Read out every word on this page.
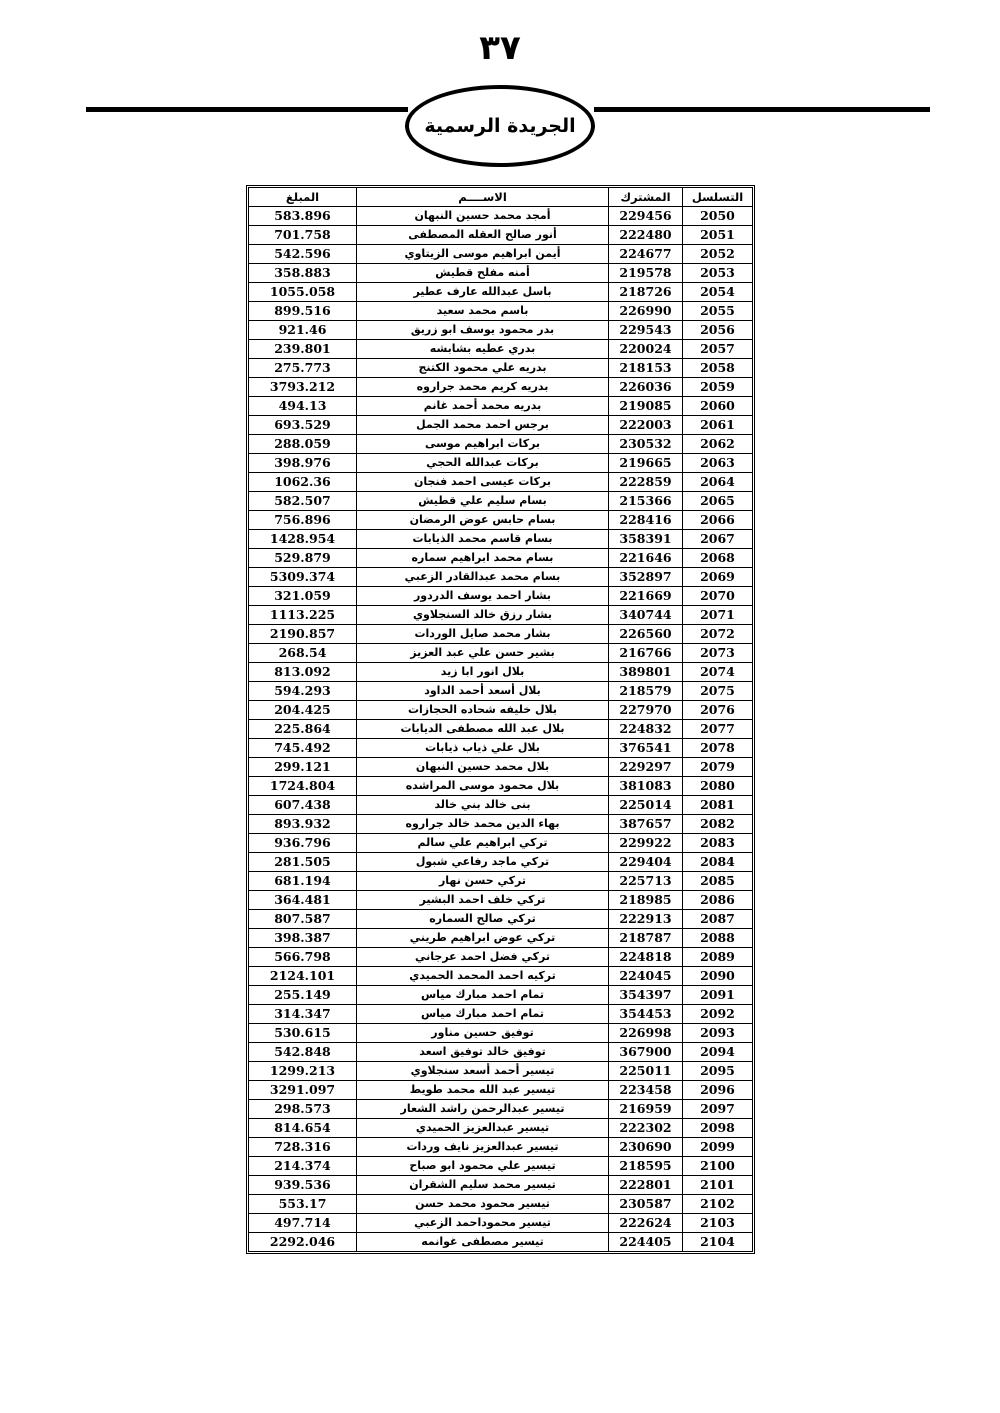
٣٧
الجريدة الرسمية
التسلسل	المشترك	الاســــم	المبلغ
2050	229456	أمجد محمد حسين النبهان	583.896
2051	222480	أنور صالح العقله المصطفى	701.758
2052	224677	أيمن ابراهيم موسى الزيتاوي	542.596
2053	219578	أمنه مفلح قطيش	358.883
2054	218726	باسل عبدالله عارف عطير	1055.058
2055	226990	باسم محمد سعيد	899.516
2056	229543	بدر محمود يوسف ابو زريق	921.46
2057	220024	بدري عطيه بشابشه	239.801
2058	218153	بدريه علي محمود الكتنج	275.773
2059	226036	بدريه كريم محمد جراروه	3793.212
2060	219085	بدريه محمد أحمد غانم	494.13
2061	222003	برجس احمد محمد الجمل	693.529
2062	230532	بركات ابراهيم موسى	288.059
2063	219665	بركات عبدالله الحجي	398.976
2064	222859	بركات عيسى احمد فنجان	1062.36
2065	215366	بسام سليم علي قطيش	582.507
2066	228416	بسام حابس عوض الرمضان	756.896
2067	358391	بسام قاسم محمد الذيابات	1428.954
2068	221646	بسام محمد ابراهيم سماره	529.879
2069	352897	بسام محمد عبدالقادر الزعبي	5309.374
2070	221669	بشار احمد يوسف الدردور	321.059
2071	340744	بشار رزق خالد السنجلاوي	1113.225
2072	226560	بشار محمد صايل الوردات	2190.857
2073	216766	بشير حسن علي عبد العزيز	268.54
2074	389801	بلال انور ابا زيد	813.092
2075	218579	بلال أسعد أحمد الداود	594.293
2076	227970	بلال خليفه شحاده الحجازات	204.425
2077	224832	بلال عبد الله مصطفى الديابات	225.864
2078	376541	بلال علي ذياب ذيابات	745.492
2079	229297	بلال محمد حسين النبهان	299.121
2080	381083	بلال محمود موسى المراشده	1724.804
2081	225014	بنى خالد بني خالد	607.438
2082	387657	بهاء الدين محمد خالد جراروه	893.932
2083	229922	تركي ابراهيم علي سالم	936.796
2084	229404	تركي ماجد رفاعي شبول	281.505
2085	225713	تركي حسن نهار	681.194
2086	218985	تركي خلف احمد البشير	364.481
2087	222913	تركي صالح السماره	807.587
2088	218787	تركي عوض ابراهيم طريني	398.387
2089	224818	تركي فضل احمد عرجاني	566.798
2090	224045	تركيه احمد المحمد الحميدي	2124.101
2091	354397	تمام احمد مبارك مياس	255.149
2092	354453	تمام احمد مبارك مياس	314.347
2093	226998	توفيق حسين مناور	530.615
2094	367900	توفيق خالد توفيق اسعد	542.848
2095	225011	تيسير أحمد أسعد سنجلاوي	1299.213
2096	223458	تيسير عبد الله محمد طويط	3291.097
2097	216959	تيسير عبدالرحمن راشد الشعار	298.573
2098	222302	تيسير عبدالعزيز الحميدي	814.654
2099	230690	تيسير عبدالعزيز نايف وردات	728.316
2100	218595	تيسير علي محمود ابو صباح	214.374
2101	222801	تيسير محمد سليم الشقران	939.536
2102	230587	تيسير محمود محمد حسن	553.17
2103	222624	تيسير محموداحمد الزعبي	497.714
2104	224405	تيسير مصطفى غوانمه	2292.046
